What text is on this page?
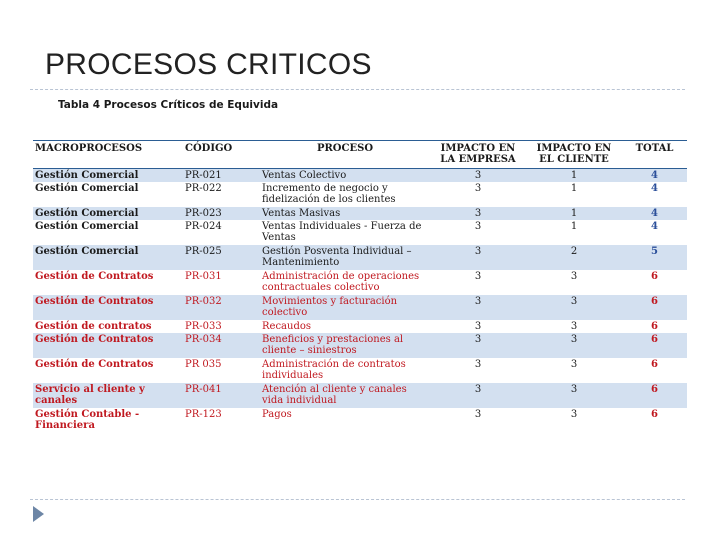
PROCESOS CRITICOS
Tabla 4 Procesos Críticos de Equivida
MACROPROCESOS	CÓDIGO	PROCESO	IMPACTO EN LA EMPRESA	IMPACTO EN EL CLIENTE	TOTAL
Gestión Comercial	PR-021	Ventas Colectivo	3	1	4
Gestión Comercial	PR-022	Incremento de negocio y fidelización de los clientes	3	1	4
Gestión Comercial	PR-023	Ventas Masivas	3	1	4
Gestión Comercial	PR-024	Ventas Individuales - Fuerza de Ventas	3	1	4
Gestión Comercial	PR-025	Gestión Posventa Individual – Mantenimiento	3	2	5
Gestión de Contratos	PR-031	Administración de operaciones contractuales colectivo	3	3	6
Gestión de Contratos	PR-032	Movimientos y facturación colectivo	3	3	6
Gestión de contratos	PR-033	Recaudos	3	3	6
Gestión de Contratos	PR-034	Beneficios y prestaciones al cliente – siniestros	3	3	6
Gestión de Contratos	PR 035	Administración de contratos individuales	3	3	6
Servicio al cliente y canales	PR-041	Atención al cliente y canales vida individual	3	3	6
Gestión Contable - Financiera	PR-123	Pagos	3	3	6
